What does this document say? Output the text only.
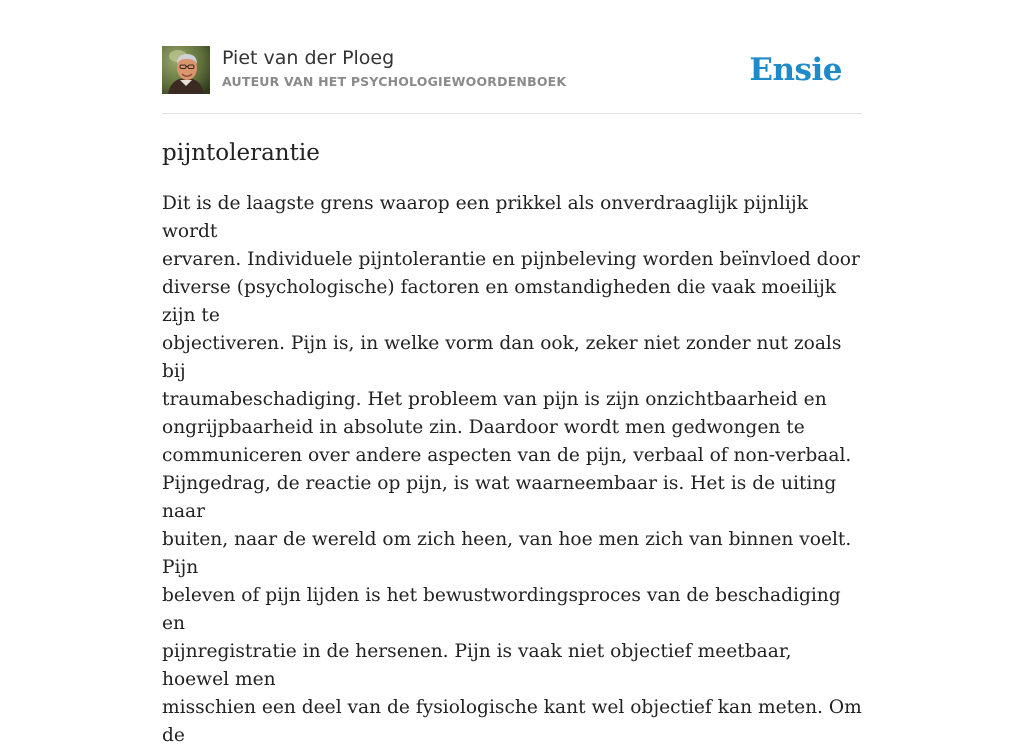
Piet van der Ploeg
AUTEUR VAN HET PSYCHOLOGIEWOORDENBOEK	Ensie
pijntolerantie

Dit is de laagste grens waarop een prikkel als onverdraaglijk pijnlijk wordt
ervaren. Individuele pijntolerantie en pijnbeleving worden beïnvloed door
diverse (psychologische) factoren en omstandigheden die vaak moeilijk zijn te
objectiveren. Pijn is, in welke vorm dan ook, zeker niet zonder nut zoals bij
traumabeschadiging. Het probleem van pijn is zijn onzichtbaarheid en
ongrijpbaarheid in absolute zin. Daardoor wordt men gedwongen te
communiceren over andere aspecten van de pijn, verbaal of non-verbaal.
Pijngedrag, de reactie op pijn, is wat waarneembaar is. Het is de uiting naar
buiten, naar de wereld om zich heen, van hoe men zich van binnen voelt. Pijn
beleven of pijn lijden is het bewustwordingsproces van de beschadiging en
pijnregistratie in de hersenen. Pijn is vaak niet objectief meetbaar, hoewel men
misschien een deel van de fysiologische kant wel objectief kan meten. Om de
